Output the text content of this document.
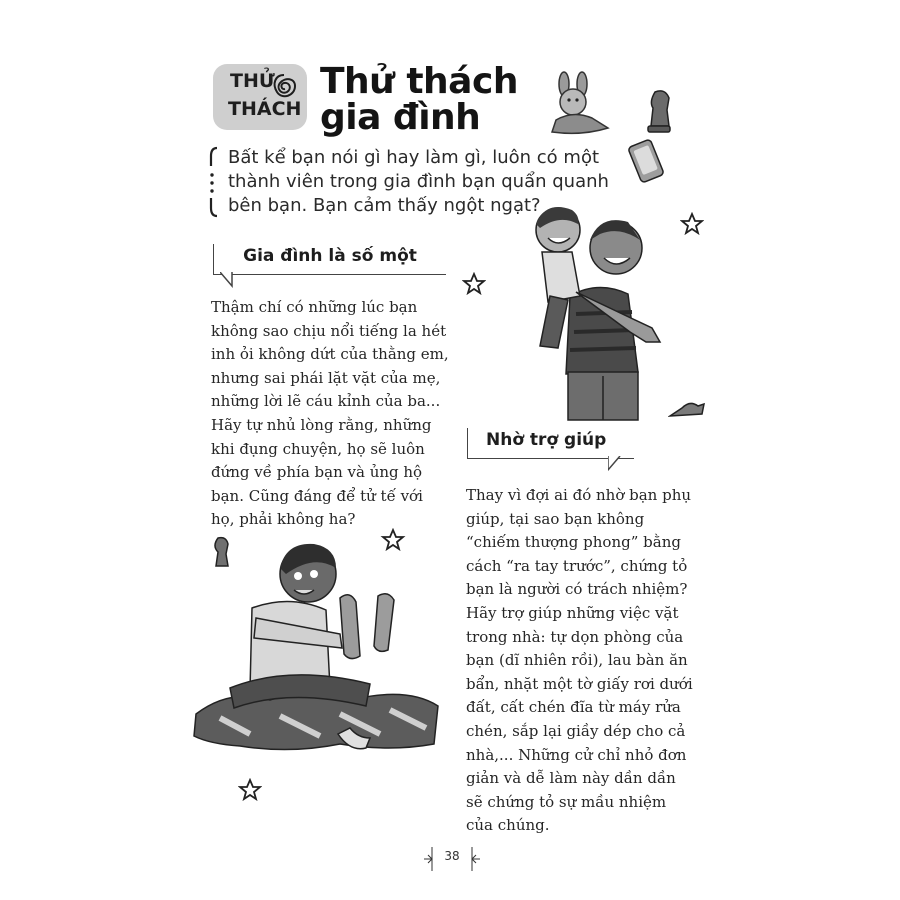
THỬ
THÁCH
Thử thách
gia đình
Bất kể bạn nói gì hay làm gì, luôn có một thành viên trong gia đình bạn quẩn quanh bên bạn. Bạn cảm thấy ngột ngạt?
Gia đình là số một
Thậm chí có những lúc bạn không sao chịu nổi tiếng la hét inh ỏi không dứt của thằng em, nhưng sai phái lặt vặt của mẹ, những lời lẽ cáu kỉnh của ba... Hãy tự nhủ lòng rằng, những khi đụng chuyện, họ sẽ luôn đứng về phía bạn và ủng hộ bạn. Cũng đáng để tử tế với họ, phải không ha?
Nhờ trợ giúp
Thay vì đợi ai đó nhờ bạn phụ giúp, tại sao bạn không “chiếm thượng phong” bằng cách “ra tay trước”, chứng tỏ bạn là người có trách nhiệm? Hãy trợ giúp những việc vặt trong nhà: tự dọn phòng của bạn (dĩ nhiên rồi), lau bàn ăn bẩn, nhặt một tờ giấy rơi dưới đất, cất chén đĩa từ máy rửa chén, sắp lại giầy dép cho cả nhà,... Những cử chỉ nhỏ đơn giản và dễ làm này dần dần sẽ chứng tỏ sự mầu nhiệm của chúng.
38
